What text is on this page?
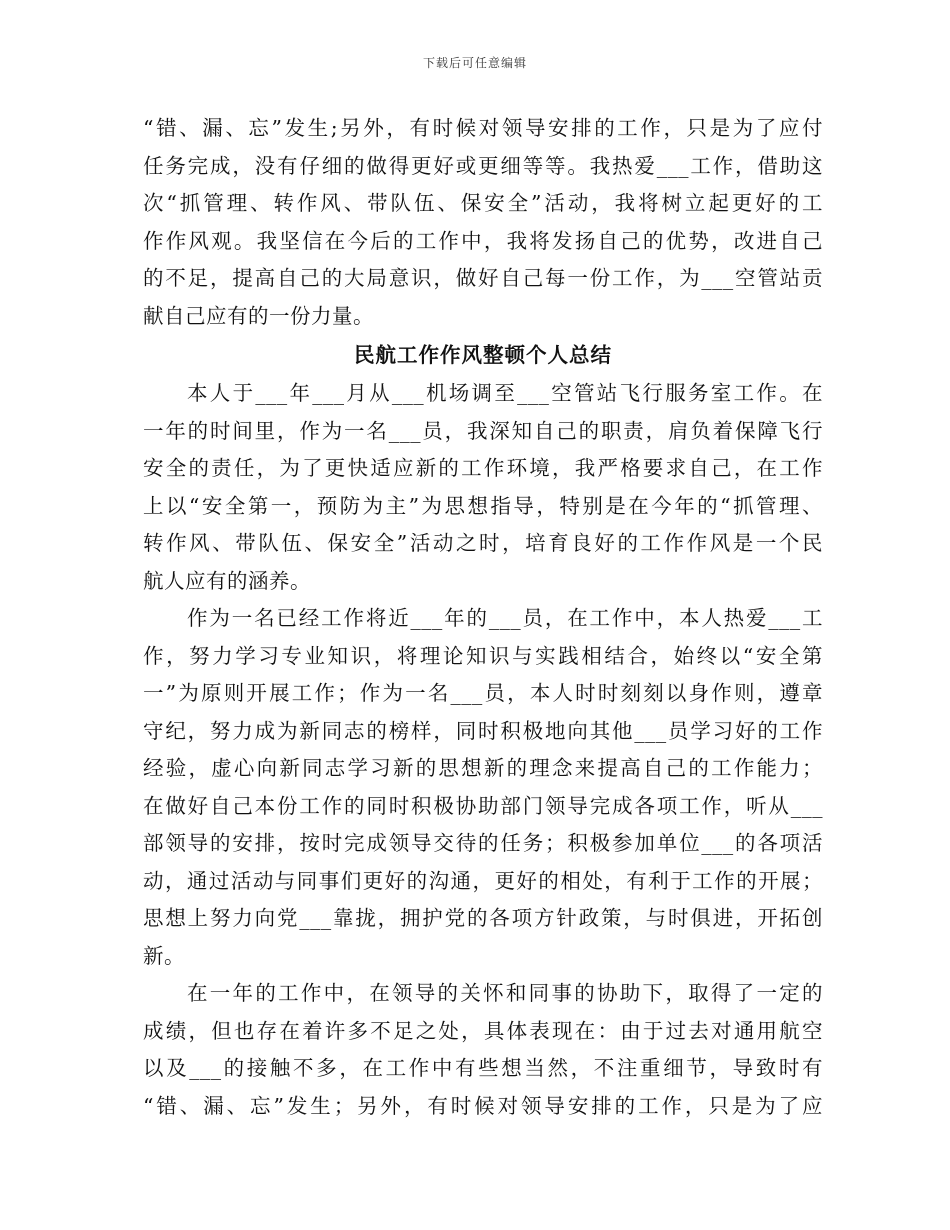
下载后可任意编辑
“错、漏、忘”发生;另外，有时候对领导安排的工作，只是为了应付
任务完成，没有仔细的做得更好或更细等等。我热爱___工作，借助这
次“抓管理、转作风、带队伍、保安全”活动，我将树立起更好的工
作作风观。我坚信在今后的工作中，我将发扬自己的优势，改进自己
的不足，提高自己的大局意识，做好自己每一份工作，为___空管站贡
献自己应有的一份力量。
民航工作作风整顿个人总结
本人于___年___月从___机场调至___空管站飞行服务室工作。在
一年的时间里，作为一名___员，我深知自己的职责，肩负着保障飞行
安全的责任，为了更快适应新的工作环境，我严格要求自己，在工作
上以“安全第一，预防为主”为思想指导，特别是在今年的“抓管理、
转作风、带队伍、保安全”活动之时，培育良好的工作作风是一个民
航人应有的涵养。
作为一名已经工作将近___年的___员，在工作中，本人热爱___工
作，努力学习专业知识，将理论知识与实践相结合，始终以“安全第
一”为原则开展工作；作为一名___员，本人时时刻刻以身作则，遵章
守纪，努力成为新同志的榜样，同时积极地向其他___员学习好的工作
经验，虚心向新同志学习新的思想新的理念来提高自己的工作能力；
在做好自己本份工作的同时积极协助部门领导完成各项工作，听从___
部领导的安排，按时完成领导交待的任务；积极参加单位___的各项活
动，通过活动与同事们更好的沟通，更好的相处，有利于工作的开展；
思想上努力向党___靠拢，拥护党的各项方针政策，与时俱进，开拓创
新。
在一年的工作中，在领导的关怀和同事的协助下，取得了一定的
成绩，但也存在着许多不足之处，具体表现在：由于过去对通用航空
以及___的接触不多，在工作中有些想当然，不注重细节，导致时有
“错、漏、忘”发生；另外，有时候对领导安排的工作，只是为了应
